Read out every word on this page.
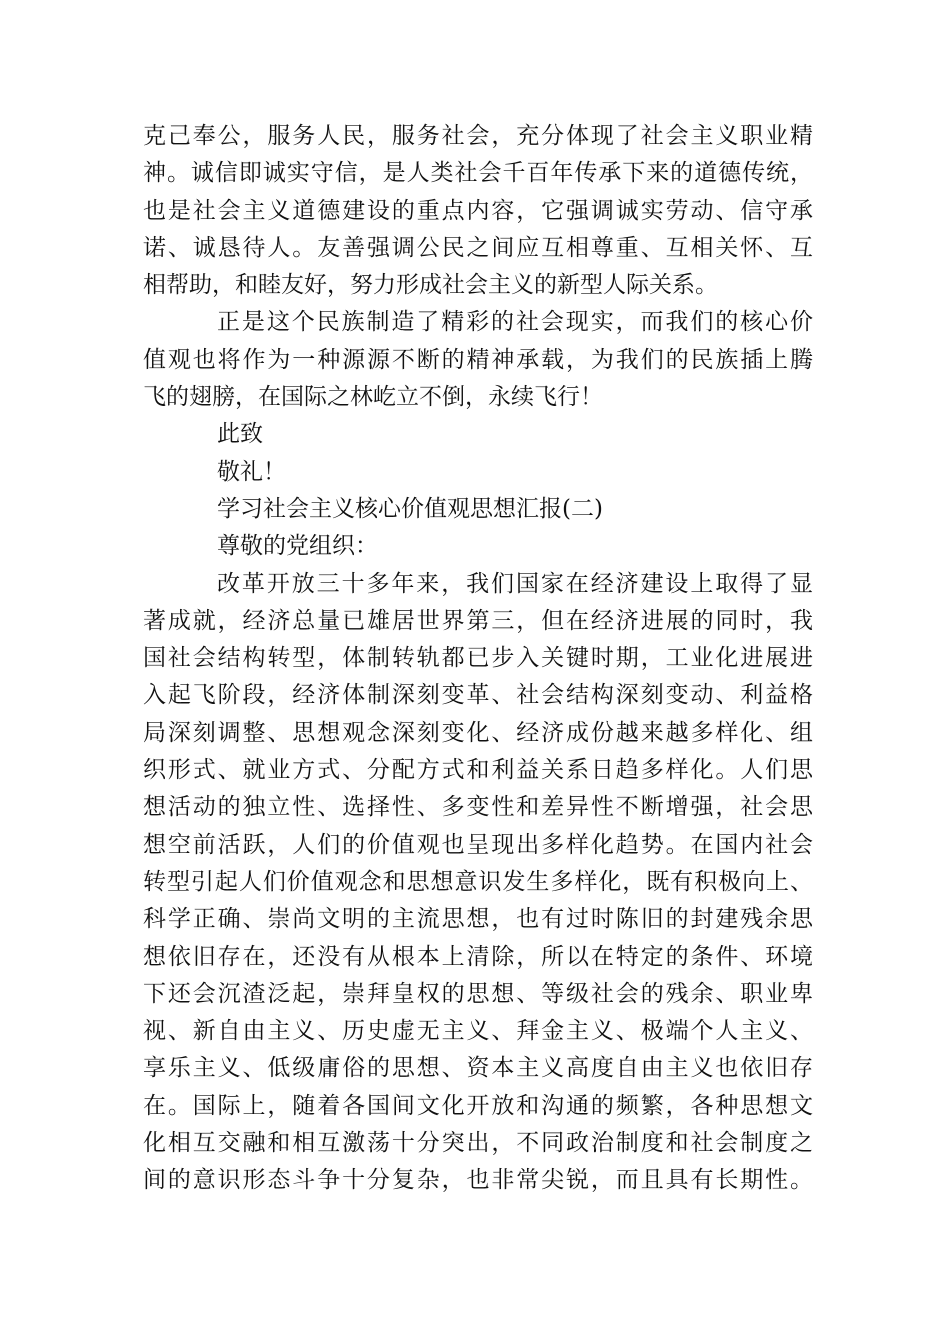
克己奉公，服务人民，服务社会，充分体现了社会主义职业精
神。诚信即诚实守信，是人类社会千百年传承下来的道德传统，
也是社会主义道德建设的重点内容，它强调诚实劳动、信守承
诺、诚恳待人。友善强调公民之间应互相尊重、互相关怀、互
相帮助，和睦友好，努力形成社会主义的新型人际关系。
正是这个民族制造了精彩的社会现实，而我们的核心价
值观也将作为一种源源不断的精神承载，为我们的民族插上腾
飞的翅膀，在国际之林屹立不倒，永续飞行！
此致
敬礼！
学习社会主义核心价值观思想汇报(二)
尊敬的党组织：
改革开放三十多年来，我们国家在经济建设上取得了显
著成就，经济总量已雄居世界第三，但在经济进展的同时，我
国社会结构转型，体制转轨都已步入关键时期，工业化进展进
入起飞阶段，经济体制深刻变革、社会结构深刻变动、利益格
局深刻调整、思想观念深刻变化、经济成份越来越多样化、组
织形式、就业方式、分配方式和利益关系日趋多样化。人们思
想活动的独立性、选择性、多变性和差异性不断增强，社会思
想空前活跃，人们的价值观也呈现出多样化趋势。在国内社会
转型引起人们价值观念和思想意识发生多样化，既有积极向上、
科学正确、崇尚文明的主流思想，也有过时陈旧的封建残余思
想依旧存在，还没有从根本上清除，所以在特定的条件、环境
下还会沉渣泛起，崇拜皇权的思想、等级社会的残余、职业卑
视、新自由主义、历史虚无主义、拜金主义、极端个人主义、
享乐主义、低级庸俗的思想、资本主义高度自由主义也依旧存
在。国际上，随着各国间文化开放和沟通的频繁，各种思想文
化相互交融和相互激荡十分突出，不同政治制度和社会制度之
间的意识形态斗争十分复杂，也非常尖锐，而且具有长期性。
